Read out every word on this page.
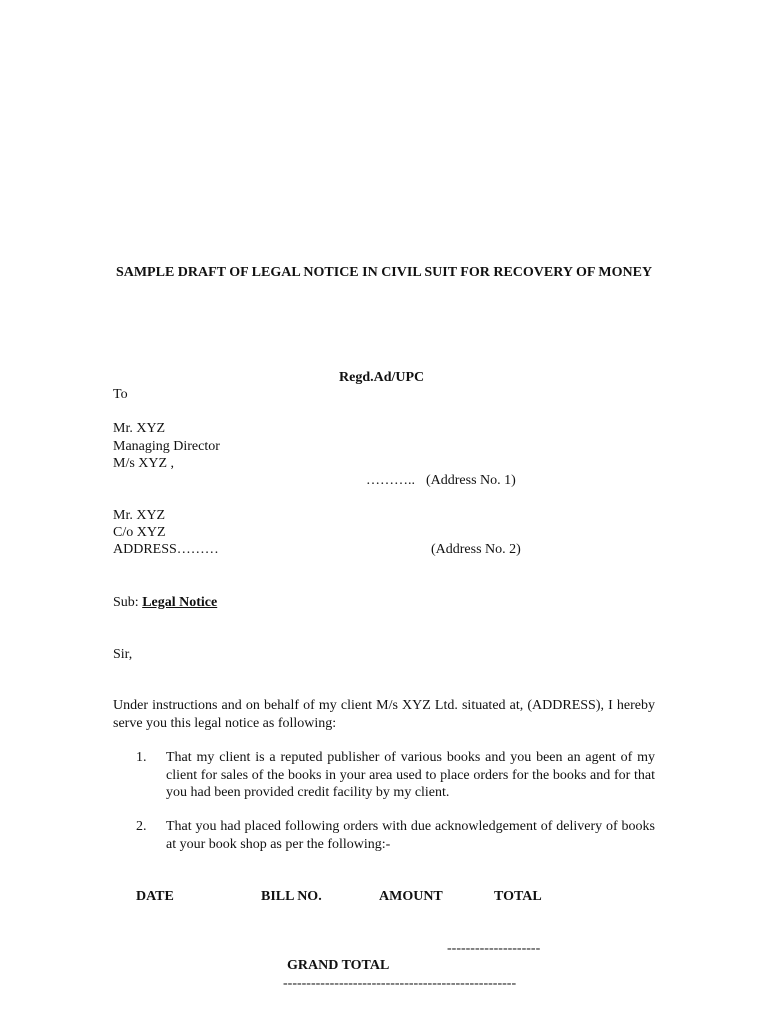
SAMPLE DRAFT OF LEGAL NOTICE IN CIVIL SUIT FOR RECOVERY OF MONEY
Regd.Ad/UPC
To
Mr. XYZ
Managing Director
M/s XYZ ,
……….. (Address No. 1)
Mr. XYZ
C/o XYZ
ADDRESS………	(Address No. 2)
Sub: Legal Notice
Sir,
Under instructions and on behalf of my client M/s XYZ Ltd. situated at, (ADDRESS), I hereby serve you this legal notice as following:
1. That my client is a reputed publisher of various books and you been an agent of my client for sales of the books in your area used to place orders for the books and for that you had been provided credit facility by my client.
2. That you had placed following orders with due acknowledgement of delivery of books at your book shop as per the following:-
DATE	BILL NO.	AMOUNT	TOTAL
--------------------
GRAND TOTAL
--------------------------------------------------
